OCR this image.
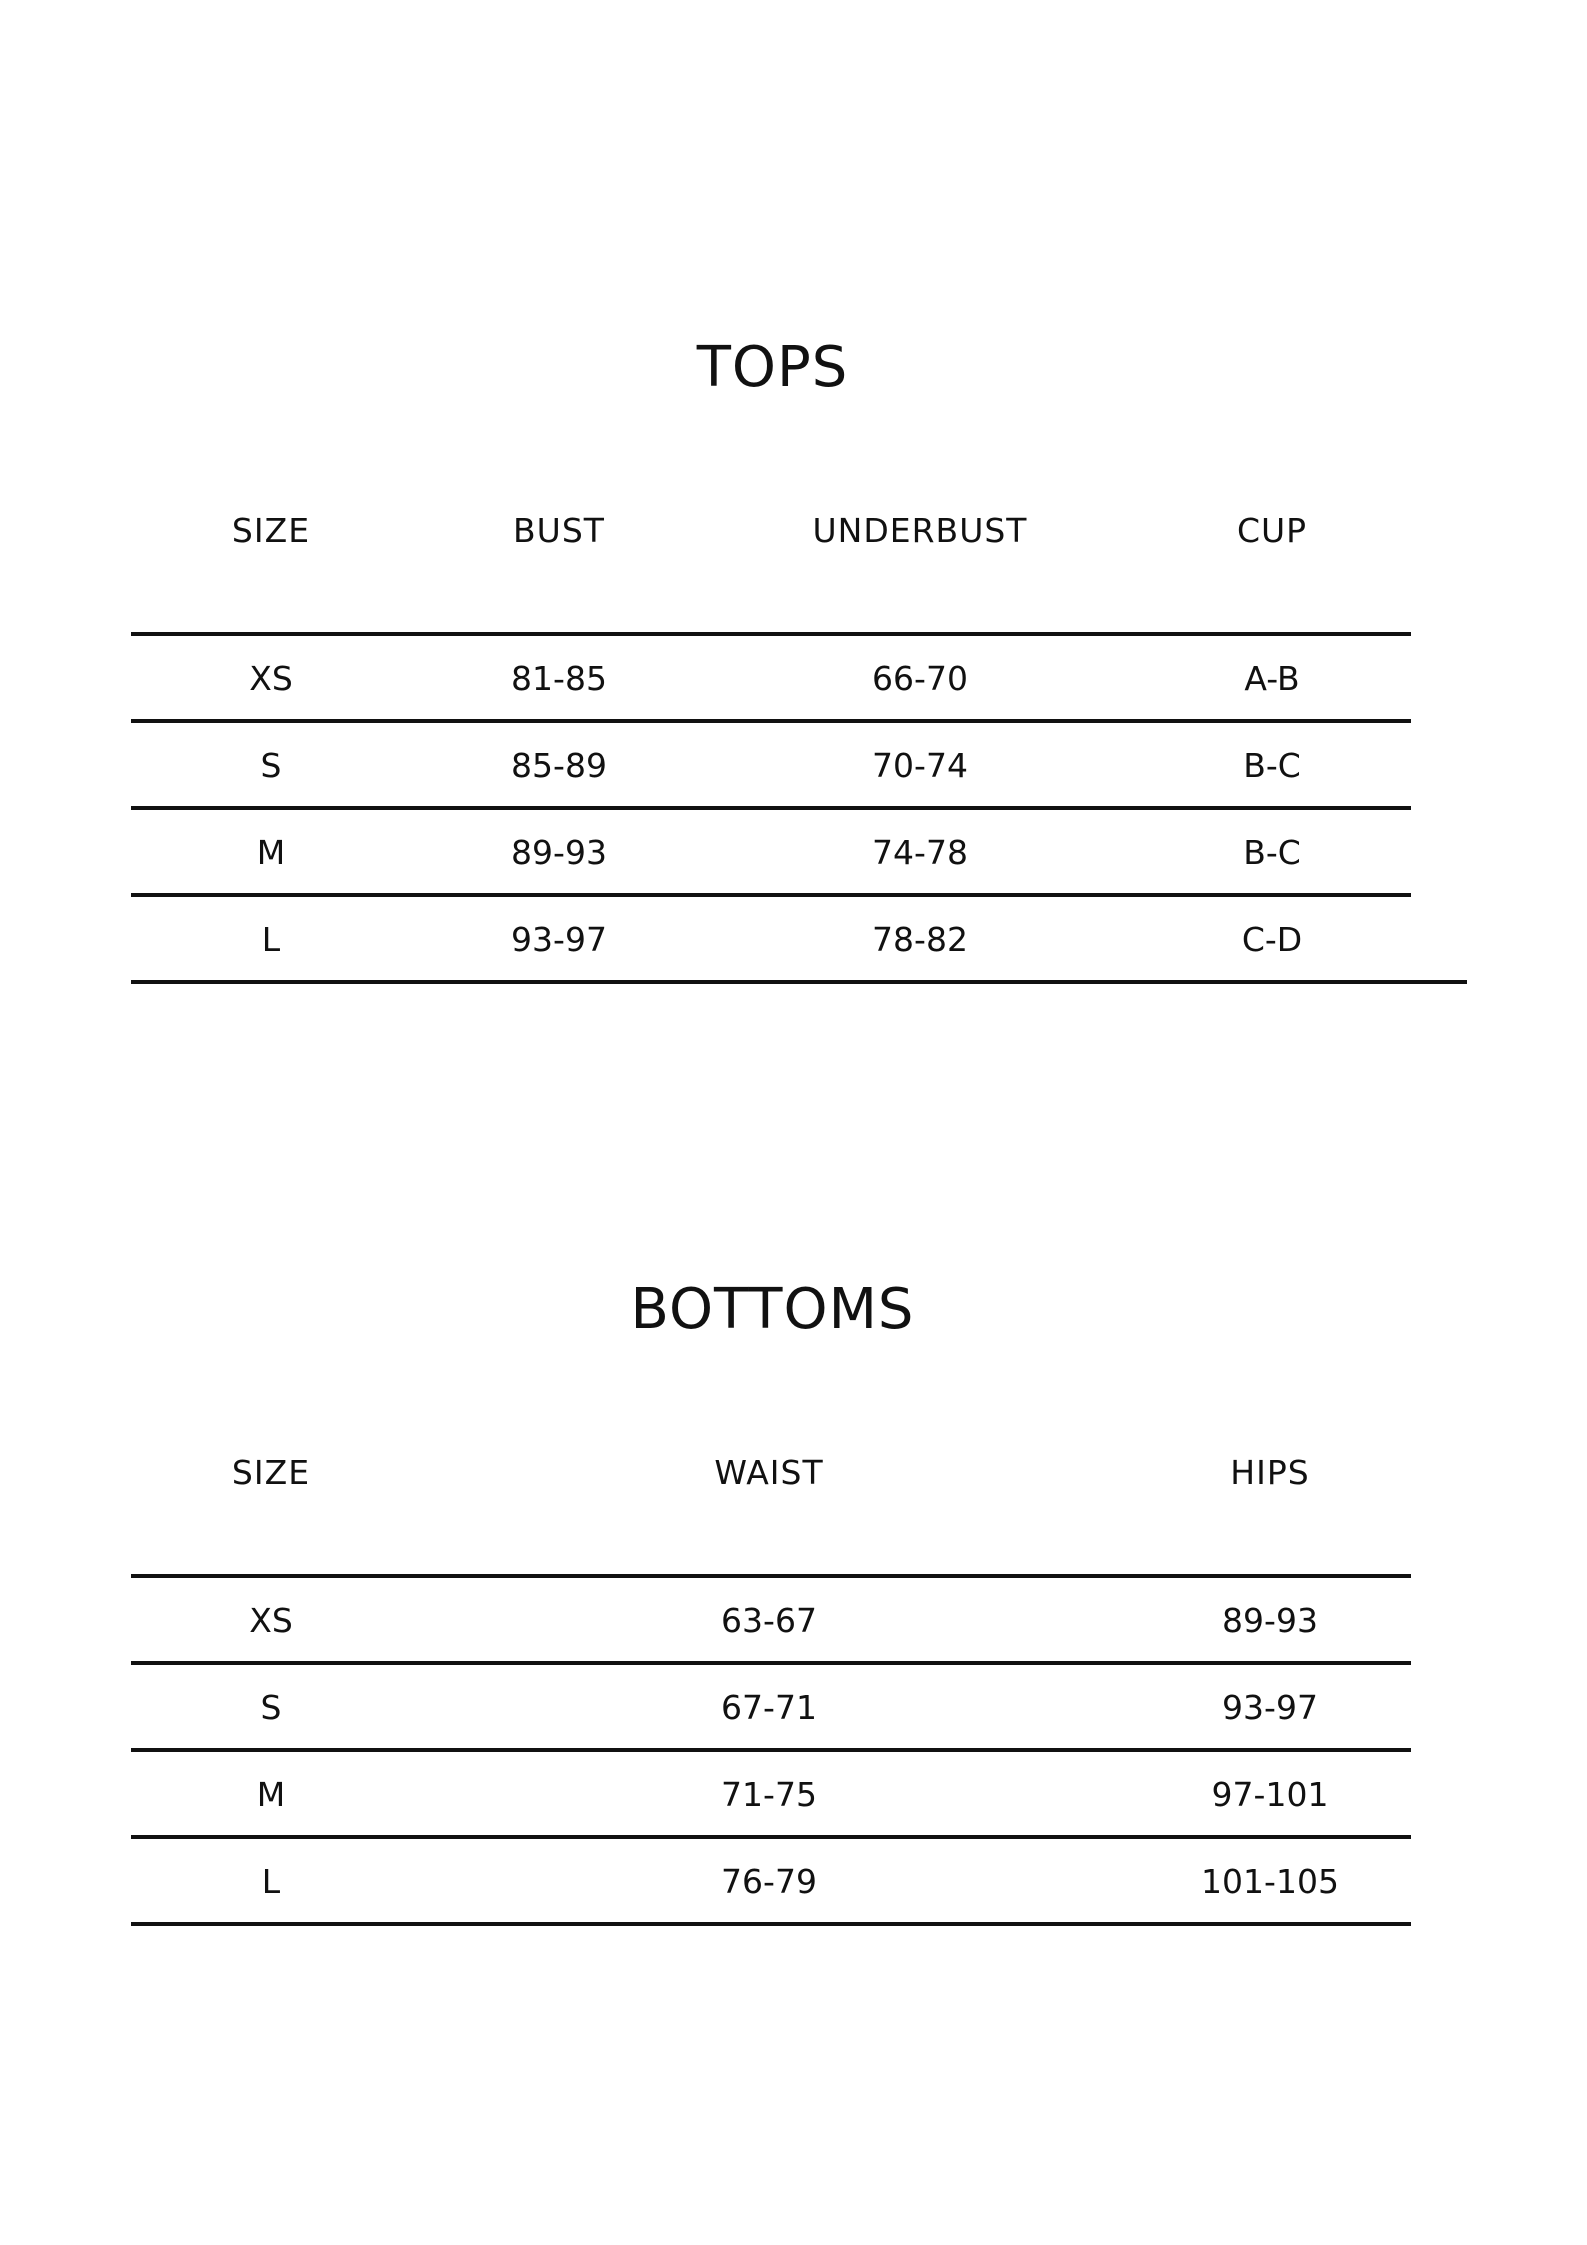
TOPS
SIZE	BUST	UNDERBUST	CUP
XS	81-85	66-70	A-B
S	85-89	70-74	B-C
M	89-93	74-78	B-C
L	93-97	78-82	C-D
BOTTOMS
SIZE	WAIST	HIPS
XS	63-67	89-93
S	67-71	93-97
M	71-75	97-101
L	76-79	101-105
